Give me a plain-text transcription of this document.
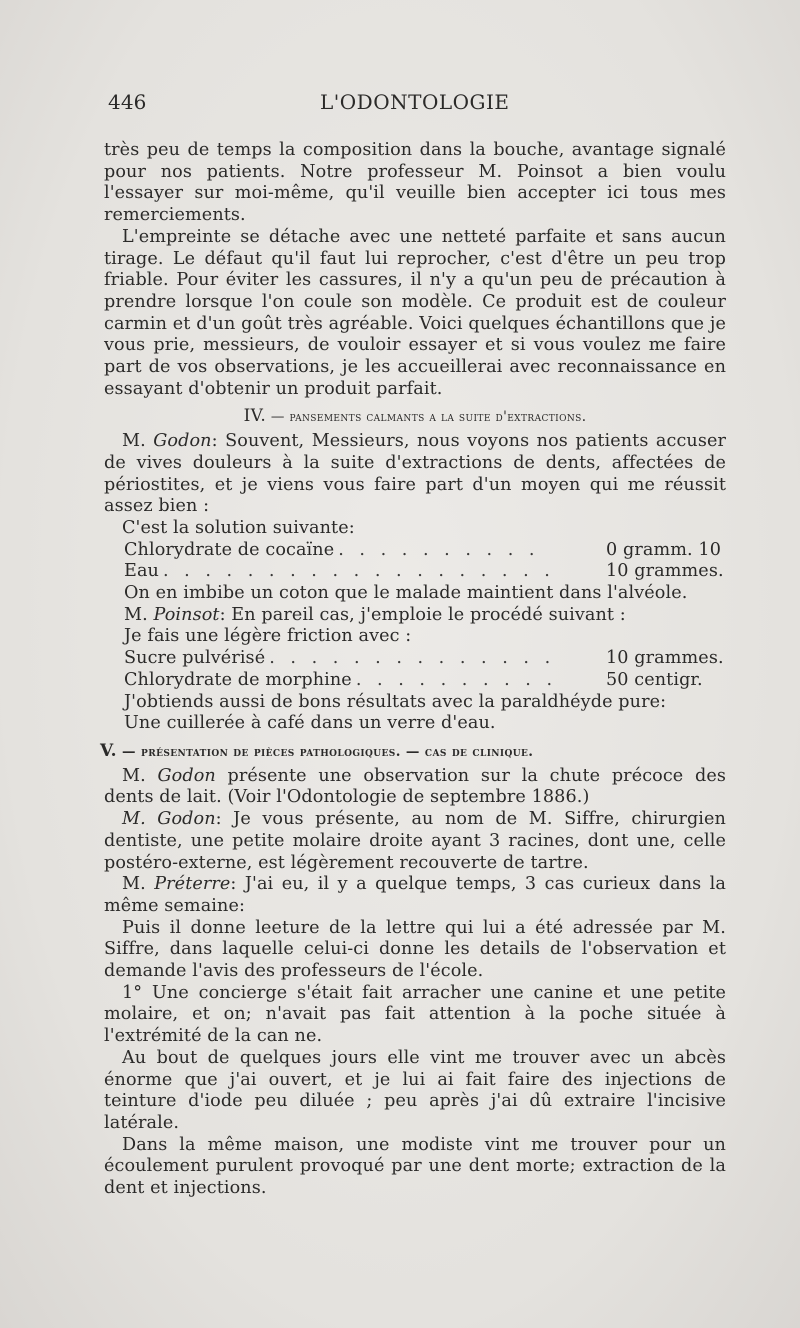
446	L'ODONTOLOGIE

très peu de temps la composition dans la bouche, avantage signalé pour nos patients. Notre professeur M. Poinsot a bien voulu l'essayer sur moi-même, qu'il veuille bien accepter ici tous mes remerciements.

L'empreinte se détache avec une netteté parfaite et sans aucun tirage. Le défaut qu'il faut lui reprocher, c'est d'être un peu trop friable. Pour éviter les cassures, il n'y a qu'un peu de précaution à prendre lorsque l'on coule son modèle. Ce produit est de couleur carmin et d'un goût très agréable. Voici quelques échantillons que je vous prie, messieurs, de vouloir essayer et si vous voulez me faire part de vos observations, je les accueillerai avec reconnaissance en essayant d'obtenir un produit parfait.

IV. — pansements calmants a la suite d'extractions.

M. Godon: Souvent, Messieurs, nous voyons nos patients accuser de vives douleurs à la suite d'extractions de dents, affectées de périostites, et je viens vous faire part d'un moyen qui me réussit assez bien :

C'est la solution suivante:

Chlorydrate de cocaïne . . . . . . . . . .	0 gramm. 10
Eau . . . . . . . . . . . . . . . . . . .	10 grammes.

On en imbibe un coton que le malade maintient dans l'alvéole.

M. Poinsot: En pareil cas, j'emploie le procédé suivant :

Je fais une légère friction avec :

Sucre pulvérisé . . . . . . . . . . . . . .	10 grammes.
Chlorydrate de morphine . . . . . . . . . .	50 centigr.

J'obtiends aussi de bons résultats avec la paraldhéyde pure:

Une cuillerée à café dans un verre d'eau.

V. — présentation de pièces pathologiques. — cas de clinique.

M. Godon présente une observation sur la chute précoce des dents de lait. (Voir l'Odontologie de septembre 1886.)

M. Godon: Je vous présente, au nom de M. Siffre, chirurgien dentiste, une petite molaire droite ayant 3 racines, dont une, celle postéro-externe, est légèrement recouverte de tartre.

M. Préterre: J'ai eu, il y a quelque temps, 3 cas curieux dans la même semaine:

Puis il donne leeture de la lettre qui lui a été adressée par M. Siffre, dans laquelle celui-ci donne les details de l'observation et demande l'avis des professeurs de l'école.

1° Une concierge s'était fait arracher une canine et une petite molaire, et on; n'avait pas fait attention à la poche située à l'extrémité de la can ne.

Au bout de quelques jours elle vint me trouver avec un abcès énorme que j'ai ouvert, et je lui ai fait faire des injections de teinture d'iode peu diluée ; peu après j'ai dû extraire l'incisive latérale.

Dans la même maison, une modiste vint me trouver pour un écoulement purulent provoqué par une dent morte; extraction de la dent et injections.
